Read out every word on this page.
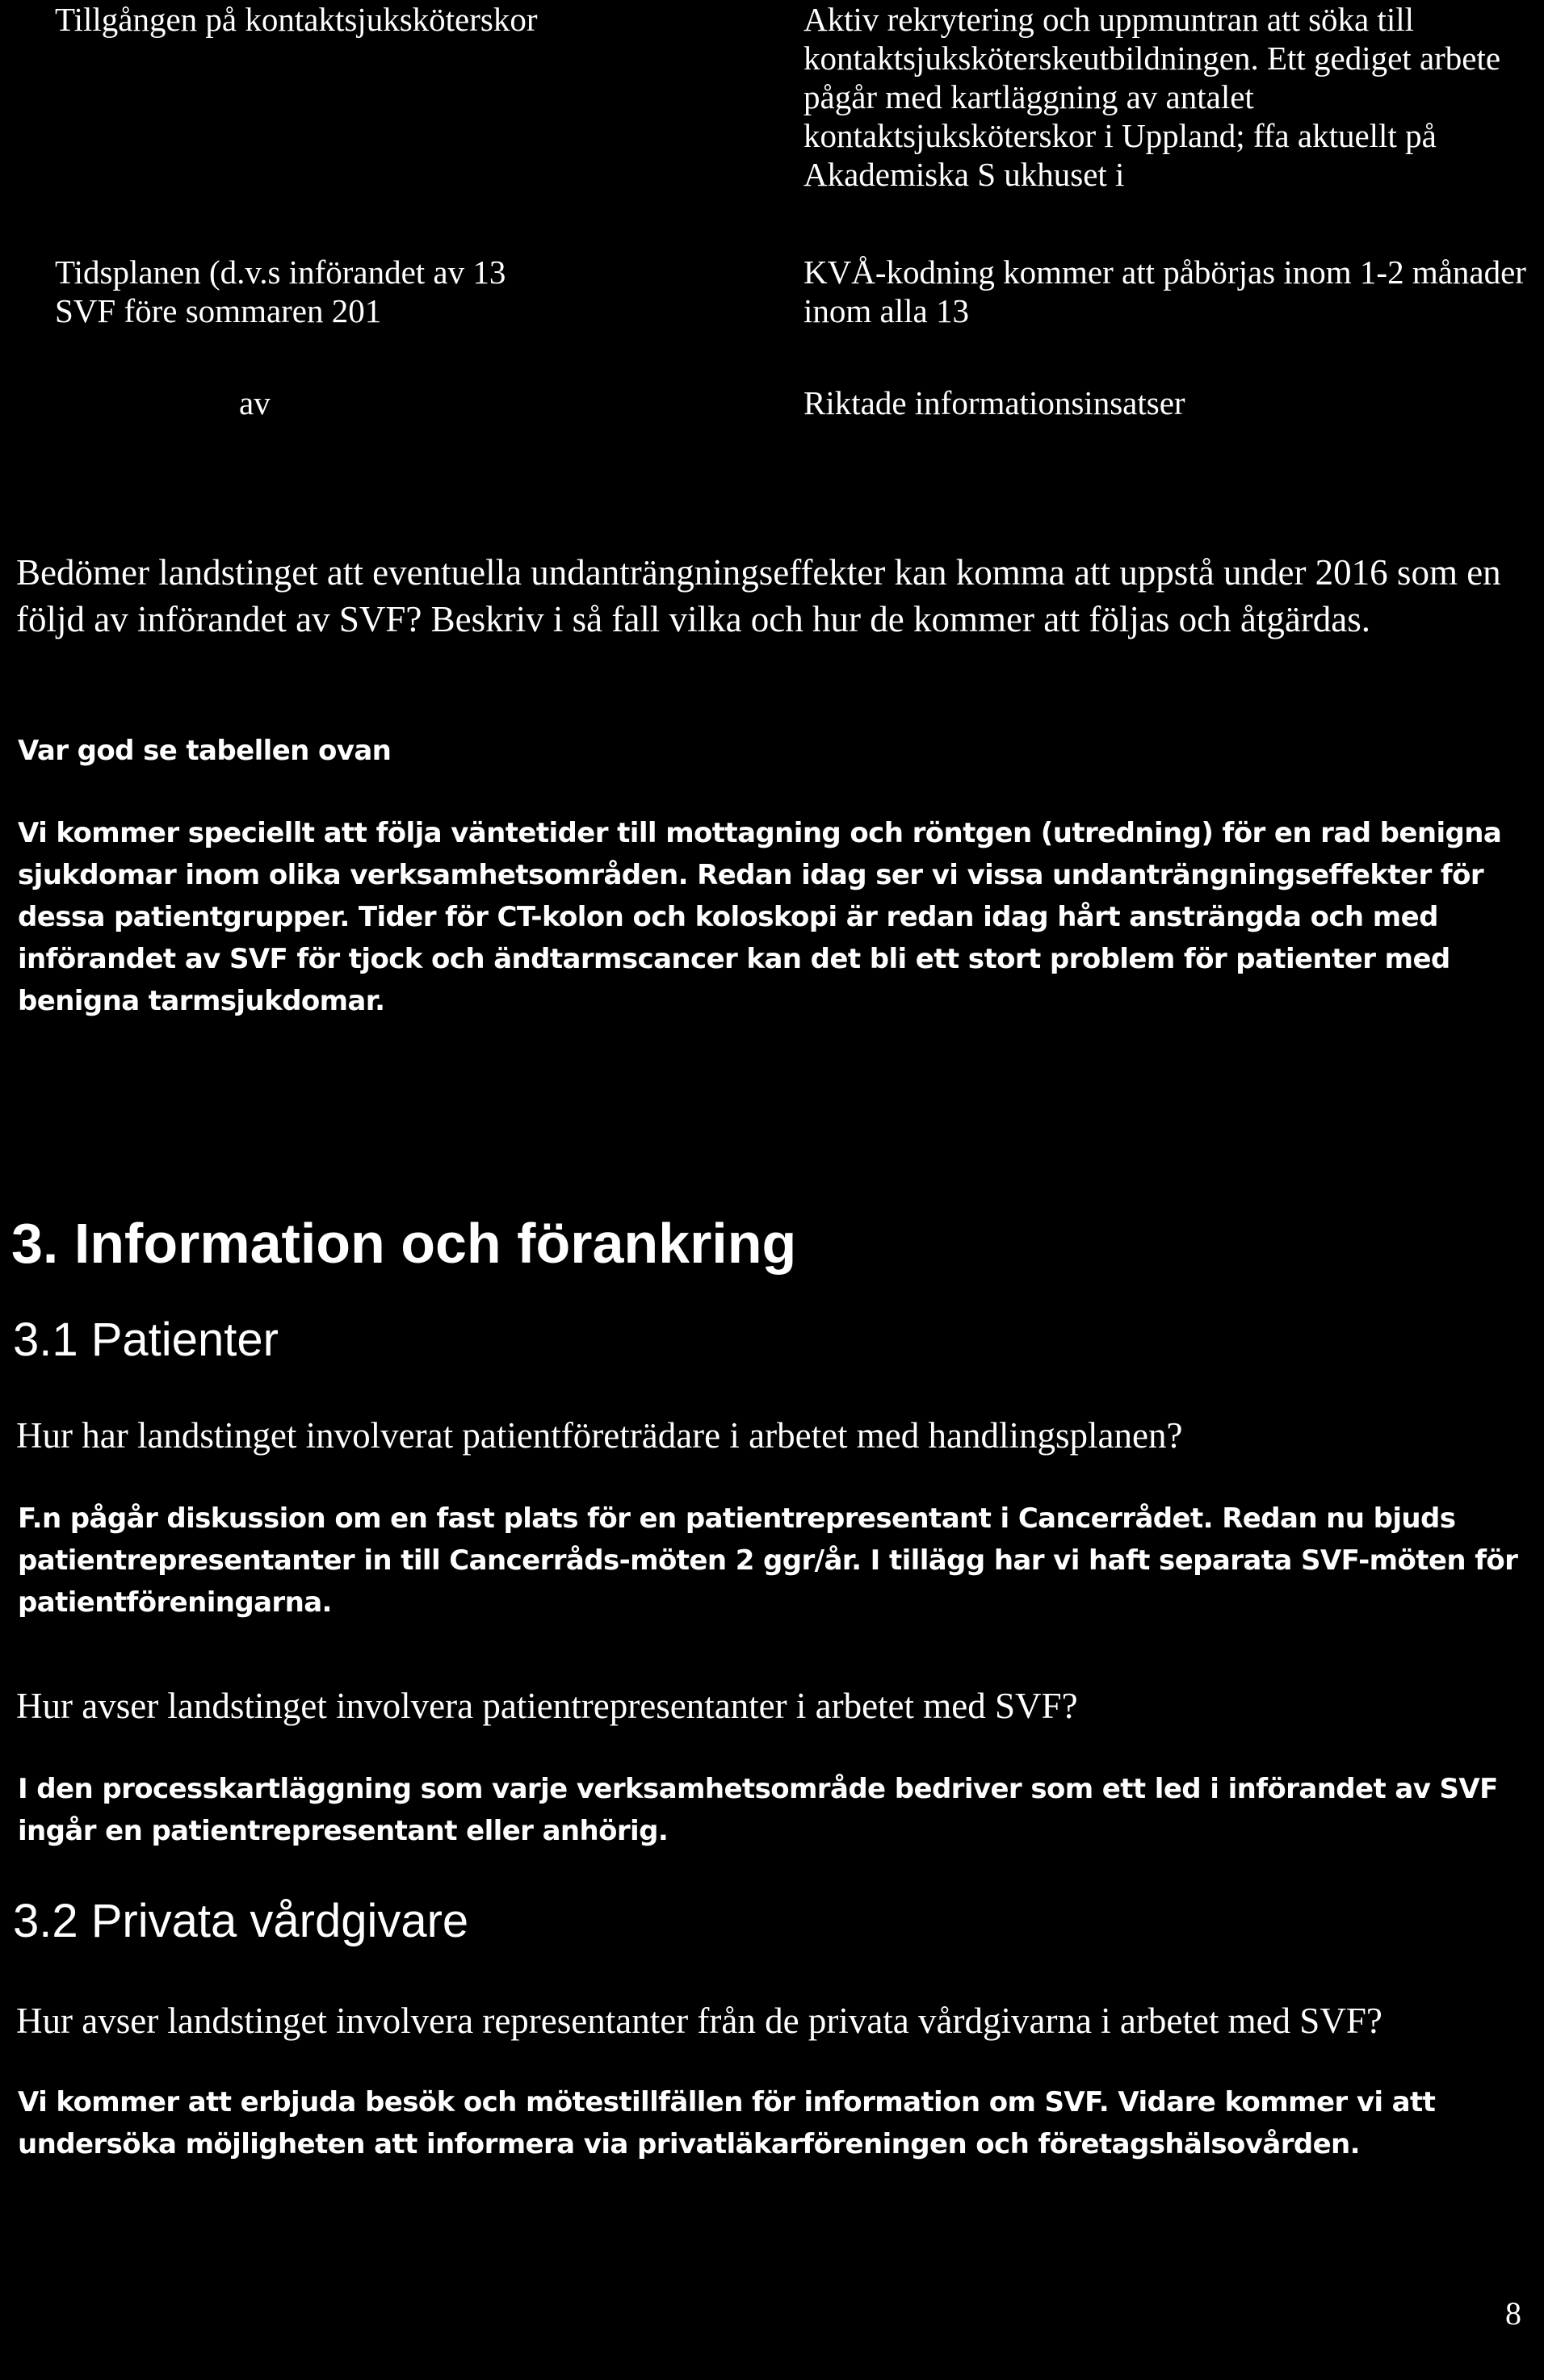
Tillgången på kontaktsjuksköterskor	Aktiv rekrytering och uppmuntran att söka till kontaktsjuksköterskeutbildningen. Ett gediget arbete pågår med kartläggning av antalet kontaktsjuksköterskor i Uppland; ffa aktuellt på Akademiska S ukhuset i
Tidsplanen (d.v.s införandet av 13 SVF före sommaren 201
KVÅ-kodning kommer att påbörjas inom 1-2 månader inom alla 13
av	Riktade informationsinsatser

Bedömer landstinget att eventuella undanträngningseffekter kan komma att uppstå under 2016 som en följd av införandet av SVF? Beskriv i så fall vilka och hur de kommer att följas och åtgärdas.

Var god se tabellen ovan

Vi kommer speciellt att följa väntetider till mottagning och röntgen (utredning) för en rad benigna sjukdomar inom olika verksamhetsområden. Redan idag ser vi vissa undanträngningseffekter för dessa patientgrupper. Tider för CT-kolon och koloskopi är redan idag hårt ansträngda och med införandet av SVF för tjock och ändtarmscancer kan det bli ett stort problem för patienter med benigna tarmsjukdomar.

3. Information och förankring
3.1 Patienter

Hur har landstinget involverat patientföreträdare i arbetet med handlingsplanen?

F.n pågår diskussion om en fast plats för en patientrepresentant i Cancerrådet. Redan nu bjuds patientrepresentanter in till Cancerråds-möten 2 ggr/år. I tillägg har vi haft separata SVF-möten för patientföreningarna.

Hur avser landstinget involvera patientrepresentanter i arbetet med SVF?

I den processkartläggning som varje verksamhetsområde bedriver som ett led i införandet av SVF ingår en patientrepresentant eller anhörig.

3.2 Privata vårdgivare

Hur avser landstinget involvera representanter från de privata vårdgivarna i arbetet med SVF?

Vi kommer att erbjuda besök och mötestillfällen för information om SVF. Vidare kommer vi att undersöka möjligheten att informera via privatläkarföreningen och företagshälsovården.

8
